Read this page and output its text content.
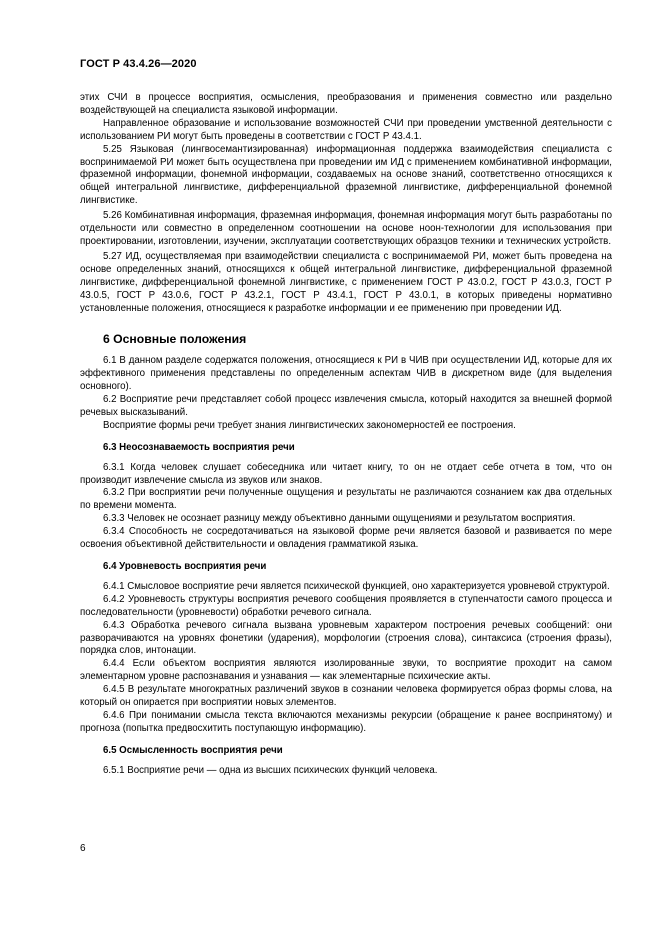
ГОСТ Р 43.4.26—2020

этих СЧИ в процессе восприятия, осмысления, преобразования и применения совместно или раздельно воздействующей на специалиста языковой информации.

Направленное образование и использование возможностей СЧИ при проведении умственной деятельности с использованием РИ могут быть проведены в соответствии с ГОСТ Р 43.4.1.

5.25 Языковая (лингвосемантизированная) информационная поддержка взаимодействия специалиста с воспринимаемой РИ может быть осуществлена при проведении им ИД с применением комбинативной информации, фраземной информации, фонемной информации, создаваемых на основе знаний, соответственно относящихся к общей интегральной лингвистике, дифференциальной фраземной лингвистике, дифференциальной фонемной лингвистике.

5.26 Комбинативная информация, фраземная информация, фонемная информация могут быть разработаны по отдельности или совместно в определенном соотношении на основе ноон-технологии для использования при проектировании, изготовлении, изучении, эксплуатации соответствующих образцов техники и технических устройств.

5.27 ИД, осуществляемая при взаимодействии специалиста с воспринимаемой РИ, может быть проведена на основе определенных знаний, относящихся к общей интегральной лингвистике, дифференциальной фраземной лингвистике, дифференциальной фонемной лингвистике, с применением ГОСТ Р 43.0.2, ГОСТ Р 43.0.3, ГОСТ Р 43.0.5, ГОСТ Р 43.0.6, ГОСТ Р 43.2.1, ГОСТ Р 43.4.1, ГОСТ Р 43.0.1, в которых приведены нормативно установленные положения, относящиеся к разработке информации и ее применению при проведении ИД.

6 Основные положения

6.1 В данном разделе содержатся положения, относящиеся к РИ в ЧИВ при осуществлении ИД, которые для их эффективного применения представлены по определенным аспектам ЧИВ в дискретном виде (для выделения основного).

6.2 Восприятие речи представляет собой процесс извлечения смысла, который находится за внешней формой речевых высказываний.

Восприятие формы речи требует знания лингвистических закономерностей ее построения.

6.3 Неосознаваемость восприятия речи

6.3.1 Когда человек слушает собеседника или читает книгу, то он не отдает себе отчета в том, что он производит извлечение смысла из звуков или знаков.

6.3.2 При восприятии речи полученные ощущения и результаты не различаются сознанием как два отдельных по времени момента.

6.3.3 Человек не осознает разницу между объективно данными ощущениями и результатом восприятия.

6.3.4 Способность не сосредотачиваться на языковой форме речи является базовой и развивается по мере освоения объективной действительности и овладения грамматикой языка.

6.4 Уровневость восприятия речи

6.4.1 Смысловое восприятие речи является психической функцией, оно характеризуется уровневой структурой.

6.4.2 Уровневость структуры восприятия речевого сообщения проявляется в ступенчатости самого процесса и последовательности (уровневости) обработки речевого сигнала.

6.4.3 Обработка речевого сигнала вызвана уровневым характером построения речевых сообщений: они разворачиваются на уровнях фонетики (ударения), морфологии (строения слова), синтаксиса (строения фразы), порядка слов, интонации.

6.4.4 Если объектом восприятия являются изолированные звуки, то восприятие проходит на самом элементарном уровне распознавания и узнавания — как элементарные психические акты.

6.4.5 В результате многократных различений звуков в сознании человека формируется образ формы слова, на который он опирается при восприятии новых элементов.

6.4.6 При понимании смысла текста включаются механизмы рекурсии (обращение к ранее воспринятому) и прогноза (попытка предвосхитить поступающую информацию).

6.5 Осмысленность восприятия речи

6.5.1 Восприятие речи — одна из высших психических функций человека.

6
